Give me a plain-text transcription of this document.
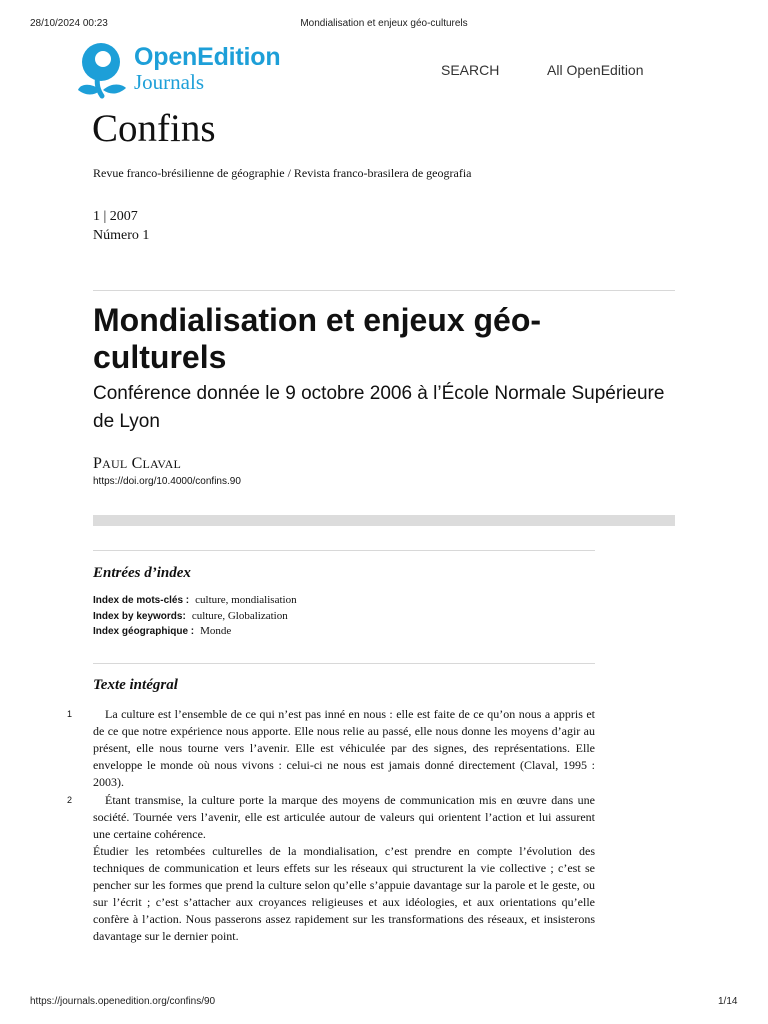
28/10/2024 00:23	Mondialisation et enjeux géo-culturels
OpenEdition
Journals	SEARCH	All OpenEdition
Confins
Revue franco-brésilienne de géographie / Revista franco-brasilera de geografia
1 | 2007
Número 1
Mondialisation et enjeux géo-culturels
Conférence donnée le 9 octobre 2006 à l’École Normale Supérieure de Lyon
PAUL CLAVAL
https://doi.org/10.4000/confins.90
Entrées d’index
Index de mots-clés : culture, mondialisation
Index by keywords: culture, Globalization
Index géographique : Monde
Texte intégral
1	La culture est l’ensemble de ce qui n’est pas inné en nous : elle est faite de ce qu’on nous a appris et de ce que notre expérience nous apporte. Elle nous relie au passé, elle nous donne les moyens d’agir au présent, elle nous tourne vers l’avenir. Elle est véhiculée par des signes, des représentations. Elle enveloppe le monde où nous vivons : celui-ci ne nous est jamais donné directement (Claval, 1995 : 2003).

2	Étant transmise, la culture porte la marque des moyens de communication mis en œuvre dans une société. Tournée vers l’avenir, elle est articulée autour de valeurs qui orientent l’action et lui assurent une certaine cohérence.

Étudier les retombées culturelles de la mondialisation, c’est prendre en compte l’évolution des techniques de communication et leurs effets sur les réseaux qui structurent la vie collective ; c’est se pencher sur les formes que prend la culture selon qu’elle s’appuie davantage sur la parole et le geste, ou sur l’écrit ; c’est s’attacher aux croyances religieuses et aux idéologies, et aux orientations qu’elle confère à l’action. Nous passerons assez rapidement sur les transformations des réseaux, et insisterons davantage sur le dernier point.

https://journals.openedition.org/confins/90	1/14
